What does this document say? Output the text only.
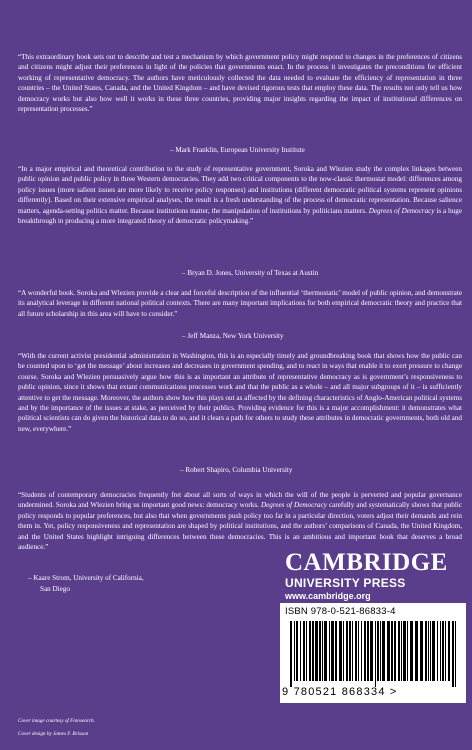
“This extraordinary book sets out to describe and test a mechanism by which government policy might respond to changes in the preferences of citizens and citizens might adjust their preferences in light of the policies that governments enact. In the process it investigates the preconditions for efficient working of representative democracy. The authors have meticulously collected the data needed to evaluate the efficiency of representation in three countries – the United States, Canada, and the United Kingdom – and have devised rigorous tests that employ these data. The results not only tell us how democracy works but also how well it works in these three countries, providing major insights regarding the impact of institutional differences on representation processes.”
– Mark Franklin, European University Institute
“In a major empirical and theoretical contribution to the study of representative government, Soroka and Wlezien study the complex linkages between public opinion and public policy in three Western democracies. They add two critical components to the now-classic thermostat model: differences among policy issues (more salient issues are more likely to receive policy responses) and institutions (different democratic political systems represent opinions differently). Based on their extensive empirical analyses, the result is a fresh understanding of the process of democratic representation. Because salience matters, agenda-setting politics matter. Because institutions matter, the manipulation of institutions by politicians matters. Degrees of Democracy is a huge breakthrough in producing a more integrated theory of democratic policymaking.”
– Bryan D. Jones, University of Texas at Austin
“A wonderful book. Soroka and Wlezien provide a clear and forceful description of the influential ‘thermostatic’ model of public opinion, and demonstrate its analytical leverage in different national political contexts. There are many important implications for both empirical democratic theory and practice that all future scholarship in this area will have to consider.”
– Jeff Manza, New York University
“With the current activist presidential administration in Washington, this is an especially timely and groundbreaking book that shows how the public can be counted upon to ‘get the message’ about increases and decreases in government spending, and to react in ways that enable it to exert pressure to change course. Soroka and Wlezien persuasively argue how this is as important an attribute of representative democracy as is government’s responsiveness to public opinion, since it shows that extant communications processes work and that the public as a whole – and all major subgroups of it – is sufficiently attentive to get the message. Moreover, the authors show how this plays out as affected by the defining characteristics of Anglo-American political systems and by the importance of the issues at stake, as perceived by their publics. Providing evidence for this is a major accomplishment: it demonstrates what political scientists can do given the historical data to do so, and it clears a path for others to study these attributes in democratic governments, both old and new, everywhere.”
– Robert Shapiro, Columbia University
“Students of contemporary democracies frequently fret about all sorts of ways in which the will of the people is perverted and popular governance undermined. Soroka and Wlezien bring us important good news: democracy works. Degrees of Democracy carefully and systematically shows that public policy responds to popular preferences, but also that when governments push policy too far in a particular direction, voters adjust their demands and rein them in. Yet, policy responsiveness and representation are shaped by political institutions, and the authors’ comparisons of Canada, the United Kingdom, and the United States highlight intriguing differences between these democracies. This is an ambitious and important book that deserves a broad audience.”
– Kaare Strom, University of California,
San Diego
CAMBRIDGE
UNIVERSITY PRESS
www.cambridge.org
ISBN 978-0-521-86833-4
9 780521 868334 >
Cover image courtesy of Fotosearch.
Cover design by James F. Brisson
